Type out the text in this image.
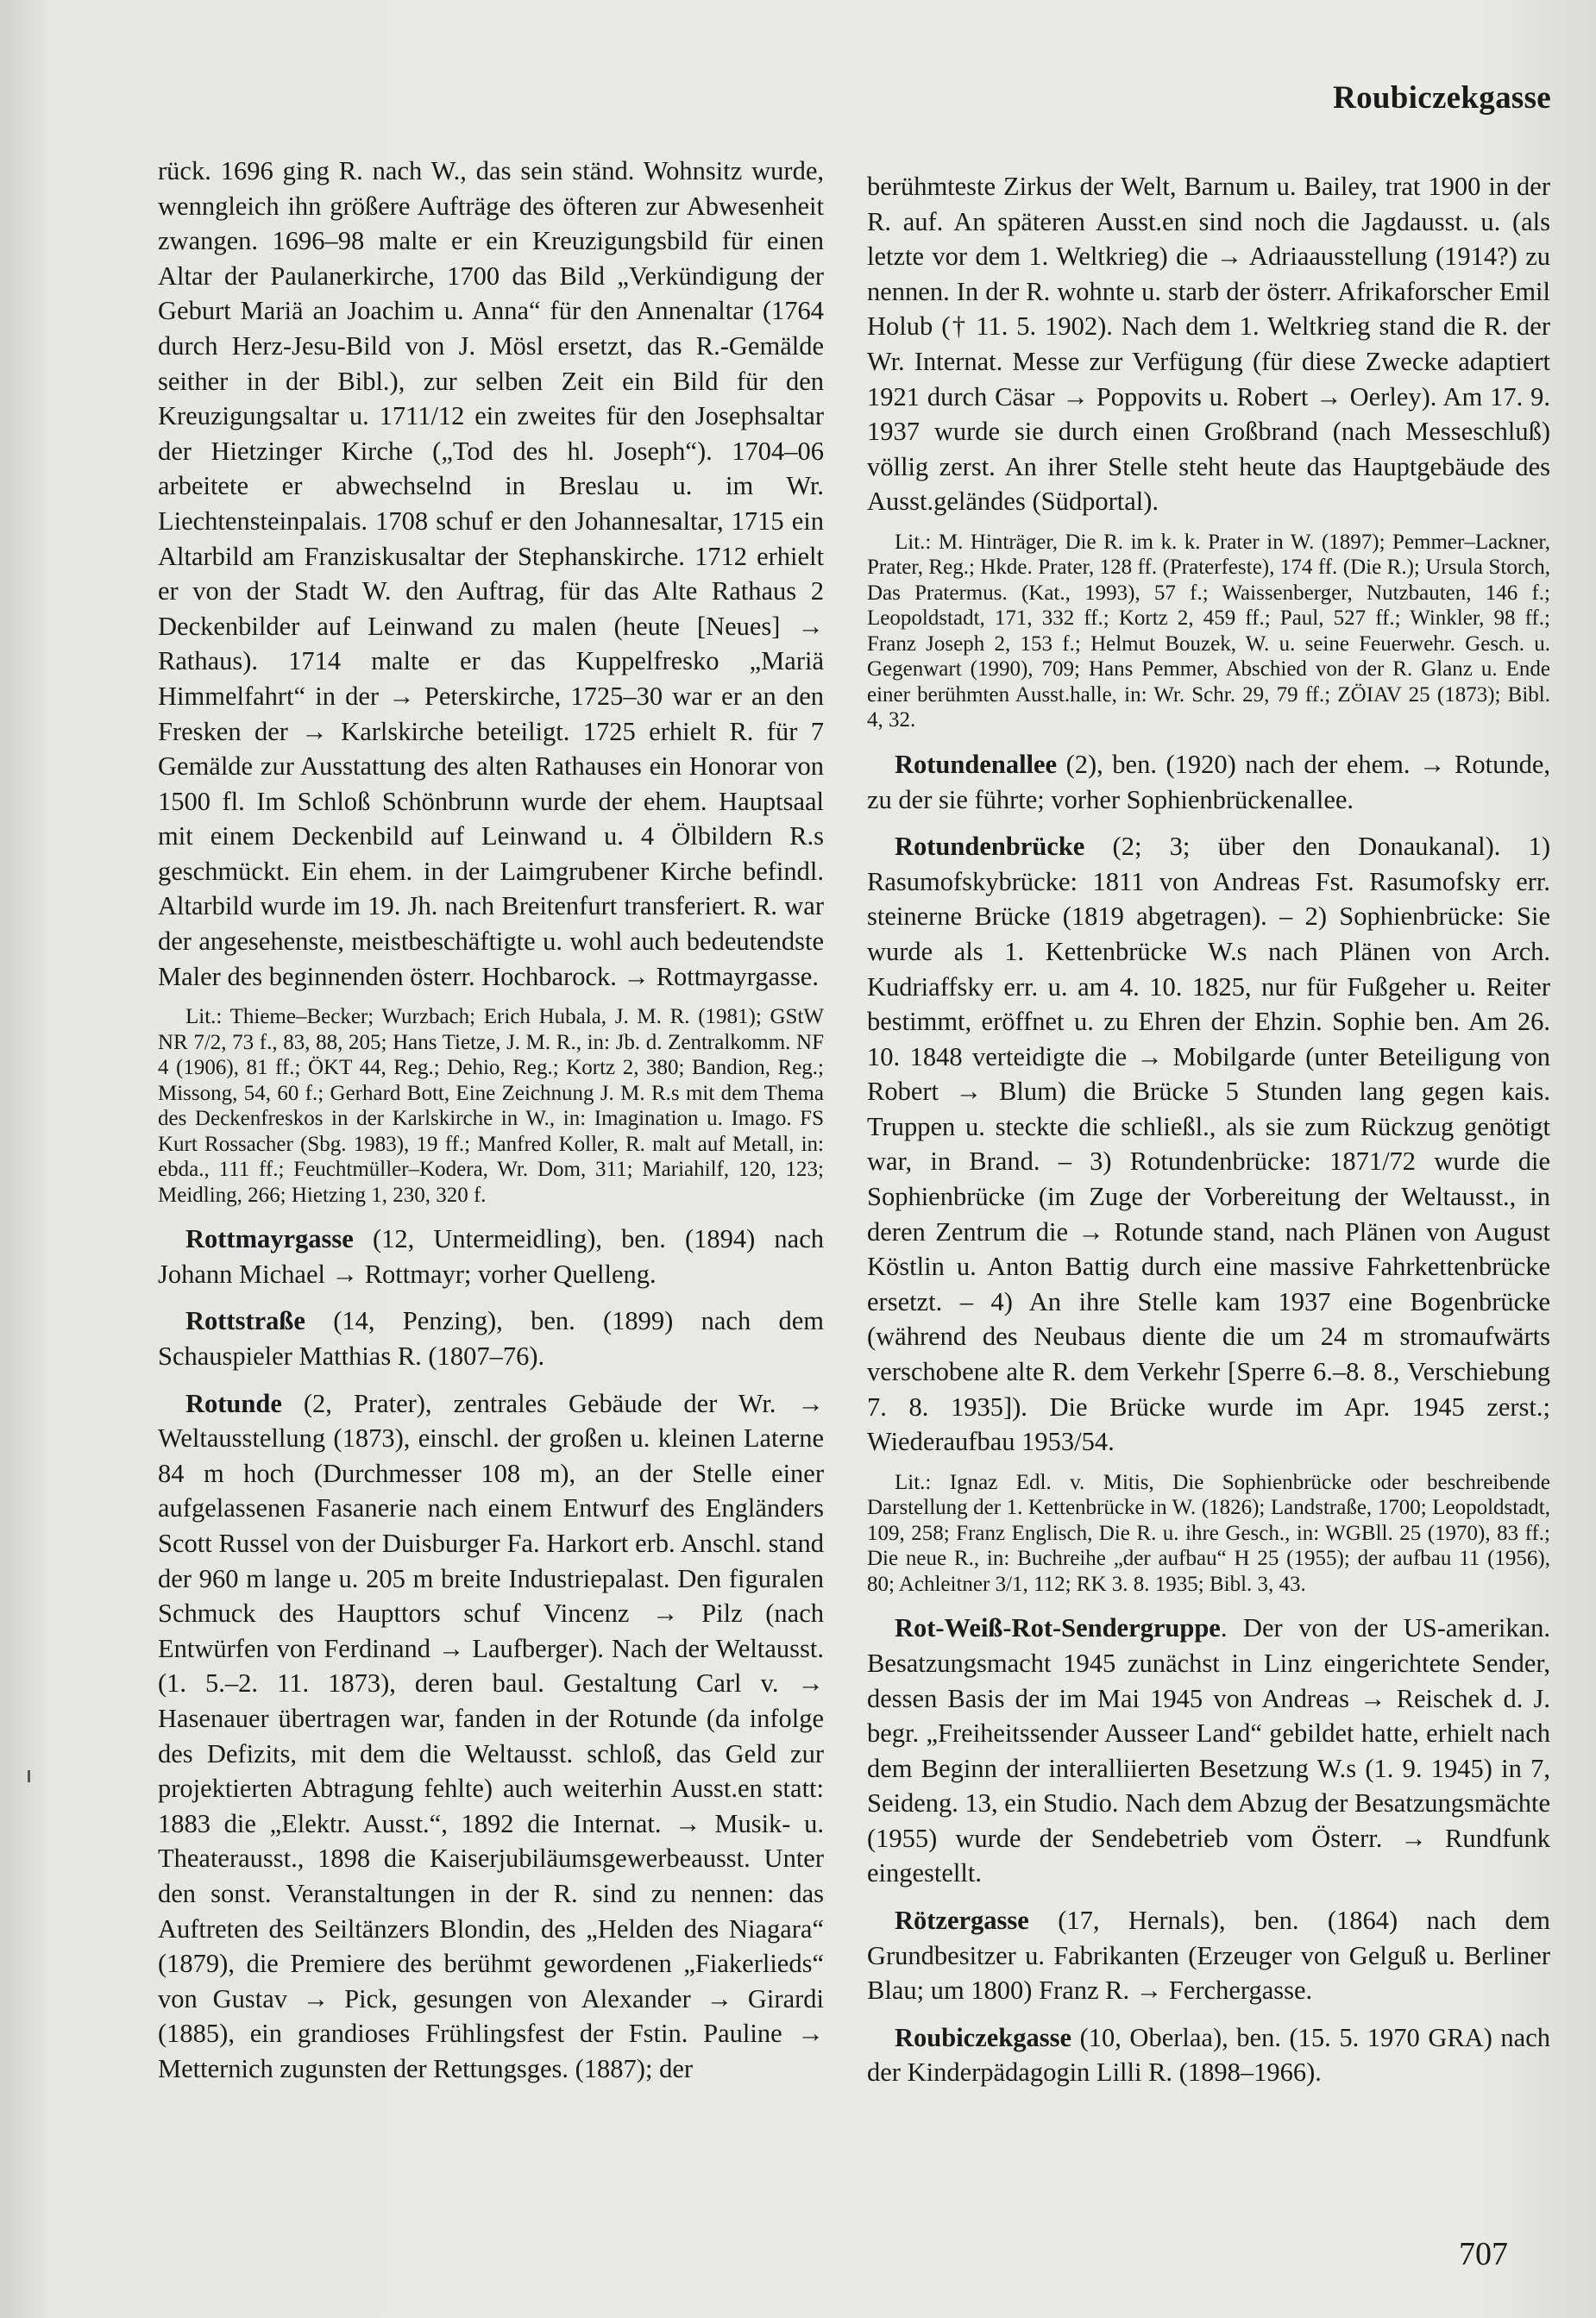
Roubiczekgasse

rück. 1696 ging R. nach W., das sein ständ. Wohnsitz wurde, wenngleich ihn größere Aufträge des öfteren zur Abwesenheit zwangen. 1696–98 malte er ein Kreuzigungsbild für einen Altar der Paulanerkirche, 1700 das Bild „Verkündigung der Geburt Mariä an Joachim u. Anna“ für den Annenaltar (1764 durch Herz-Jesu-Bild von J. Mösl ersetzt, das R.-Gemälde seither in der Bibl.), zur selben Zeit ein Bild für den Kreuzigungsaltar u. 1711/12 ein zweites für den Josephsaltar der Hietzinger Kirche („Tod des hl. Joseph“). 1704–06 arbeitete er abwechselnd in Breslau u. im Wr. Liechtensteinpalais. 1708 schuf er den Johannesaltar, 1715 ein Altarbild am Franziskusaltar der Stephanskirche. 1712 erhielt er von der Stadt W. den Auftrag, für das Alte Rathaus 2 Deckenbilder auf Leinwand zu malen (heute [Neues] → Rathaus). 1714 malte er das Kuppelfresko „Mariä Himmelfahrt“ in der → Peterskirche, 1725–30 war er an den Fresken der → Karlskirche beteiligt. 1725 erhielt R. für 7 Gemälde zur Ausstattung des alten Rathauses ein Honorar von 1500 fl. Im Schloß Schönbrunn wurde der ehem. Hauptsaal mit einem Deckenbild auf Leinwand u. 4 Ölbildern R.s geschmückt. Ein ehem. in der Laimgrubener Kirche befindl. Altarbild wurde im 19. Jh. nach Breitenfurt transferiert. R. war der angesehenste, meistbeschäftigte u. wohl auch bedeutendste Maler des beginnenden österr. Hochbarock. → Rottmayrgasse.

Lit.: Thieme–Becker; Wurzbach; Erich Hubala, J. M. R. (1981); GStW NR 7/2, 73 f., 83, 88, 205; Hans Tietze, J. M. R., in: Jb. d. Zentralkomm. NF 4 (1906), 81 ff.; ÖKT 44, Reg.; Dehio, Reg.; Kortz 2, 380; Bandion, Reg.; Missong, 54, 60 f.; Gerhard Bott, Eine Zeichnung J. M. R.s mit dem Thema des Deckenfreskos in der Karlskirche in W., in: Imagination u. Imago. FS Kurt Rossacher (Sbg. 1983), 19 ff.; Manfred Koller, R. malt auf Metall, in: ebda., 111 ff.; Feuchtmüller–Kodera, Wr. Dom, 311; Mariahilf, 120, 123; Meidling, 266; Hietzing 1, 230, 320 f.

Rottmayrgasse (12, Untermeidling), ben. (1894) nach Johann Michael → Rottmayr; vorher Quelleng.

Rottstraße (14, Penzing), ben. (1899) nach dem Schauspieler Matthias R. (1807–76).

Rotunde (2, Prater), zentrales Gebäude der Wr. → Weltausstellung (1873), einschl. der großen u. kleinen Laterne 84 m hoch (Durchmesser 108 m), an der Stelle einer aufgelassenen Fasanerie nach einem Entwurf des Engländers Scott Russel von der Duisburger Fa. Harkort erb. Anschl. stand der 960 m lange u. 205 m breite Industriepalast. Den figuralen Schmuck des Haupttors schuf Vincenz → Pilz (nach Entwürfen von Ferdinand → Laufberger). Nach der Weltausst. (1. 5.–2. 11. 1873), deren baul. Gestaltung Carl v. → Hasenauer übertragen war, fanden in der Rotunde (da infolge des Defizits, mit dem die Weltausst. schloß, das Geld zur projektierten Abtragung fehlte) auch weiterhin Ausst.en statt: 1883 die „Elektr. Ausst.“, 1892 die Internat. → Musik- u. Theaterausst., 1898 die Kaiserjubiläumsgewerbeausst. Unter den sonst. Veranstaltungen in der R. sind zu nennen: das Auftreten des Seiltänzers Blondin, des „Helden des Niagara“ (1879), die Premiere des berühmt gewordenen „Fiakerlieds“ von Gustav → Pick, gesungen von Alexander → Girardi (1885), ein grandioses Frühlingsfest der Fstin. Pauline → Metternich zugunsten der Rettungsges. (1887); der

berühmteste Zirkus der Welt, Barnum u. Bailey, trat 1900 in der R. auf. An späteren Ausst.en sind noch die Jagdausst. u. (als letzte vor dem 1. Weltkrieg) die → Adriaausstellung (1914?) zu nennen. In der R. wohnte u. starb der österr. Afrikaforscher Emil Holub († 11. 5. 1902). Nach dem 1. Weltkrieg stand die R. der Wr. Internat. Messe zur Verfügung (für diese Zwecke adaptiert 1921 durch Cäsar → Poppovits u. Robert → Oerley). Am 17. 9. 1937 wurde sie durch einen Großbrand (nach Messeschluß) völlig zerst. An ihrer Stelle steht heute das Hauptgebäude des Ausst.geländes (Südportal).

Lit.: M. Hinträger, Die R. im k. k. Prater in W. (1897); Pemmer–Lackner, Prater, Reg.; Hkde. Prater, 128 ff. (Praterfeste), 174 ff. (Die R.); Ursula Storch, Das Pratermus. (Kat., 1993), 57 f.; Waissenberger, Nutzbauten, 146 f.; Leopoldstadt, 171, 332 ff.; Kortz 2, 459 ff.; Paul, 527 ff.; Winkler, 98 ff.; Franz Joseph 2, 153 f.; Helmut Bouzek, W. u. seine Feuerwehr. Gesch. u. Gegenwart (1990), 709; Hans Pemmer, Abschied von der R. Glanz u. Ende einer berühmten Ausst.halle, in: Wr. Schr. 29, 79 ff.; ZÖIAV 25 (1873); Bibl. 4, 32.

Rotundenallee (2), ben. (1920) nach der ehem. → Rotunde, zu der sie führte; vorher Sophienbrückenallee.

Rotundenbrücke (2; 3; über den Donaukanal). 1) Rasumofskybrücke: 1811 von Andreas Fst. Rasumofsky err. steinerne Brücke (1819 abgetragen). – 2) Sophienbrücke: Sie wurde als 1. Kettenbrücke W.s nach Plänen von Arch. Kudriaffsky err. u. am 4. 10. 1825, nur für Fußgeher u. Reiter bestimmt, eröffnet u. zu Ehren der Ehzin. Sophie ben. Am 26. 10. 1848 verteidigte die → Mobilgarde (unter Beteiligung von Robert → Blum) die Brücke 5 Stunden lang gegen kais. Truppen u. steckte die schließl., als sie zum Rückzug genötigt war, in Brand. – 3) Rotundenbrücke: 1871/72 wurde die Sophienbrücke (im Zuge der Vorbereitung der Weltausst., in deren Zentrum die → Rotunde stand, nach Plänen von August Köstlin u. Anton Battig durch eine massive Fahrkettenbrücke ersetzt. – 4) An ihre Stelle kam 1937 eine Bogenbrücke (während des Neubaus diente die um 24 m stromaufwärts verschobene alte R. dem Verkehr [Sperre 6.–8. 8., Verschiebung 7. 8. 1935]). Die Brücke wurde im Apr. 1945 zerst.; Wiederaufbau 1953/54.

Lit.: Ignaz Edl. v. Mitis, Die Sophienbrücke oder beschreibende Darstellung der 1. Kettenbrücke in W. (1826); Landstraße, 1700; Leopoldstadt, 109, 258; Franz Englisch, Die R. u. ihre Gesch., in: WGBll. 25 (1970), 83 ff.; Die neue R., in: Buchreihe „der aufbau“ H 25 (1955); der aufbau 11 (1956), 80; Achleitner 3/1, 112; RK 3. 8. 1935; Bibl. 3, 43.

Rot-Weiß-Rot-Sendergruppe. Der von der US-amerikan. Besatzungsmacht 1945 zunächst in Linz eingerichtete Sender, dessen Basis der im Mai 1945 von Andreas → Reischek d. J. begr. „Freiheitssender Ausseer Land“ gebildet hatte, erhielt nach dem Beginn der interalliierten Besetzung W.s (1. 9. 1945) in 7, Seideng. 13, ein Studio. Nach dem Abzug der Besatzungsmächte (1955) wurde der Sendebetrieb vom Österr. → Rundfunk eingestellt.

Rötzergasse (17, Hernals), ben. (1864) nach dem Grundbesitzer u. Fabrikanten (Erzeuger von Gelguß u. Berliner Blau; um 1800) Franz R. → Ferchergasse.

Roubiczekgasse (10, Oberlaa), ben. (15. 5. 1970 GRA) nach der Kinderpädagogin Lilli R. (1898–1966).

707
